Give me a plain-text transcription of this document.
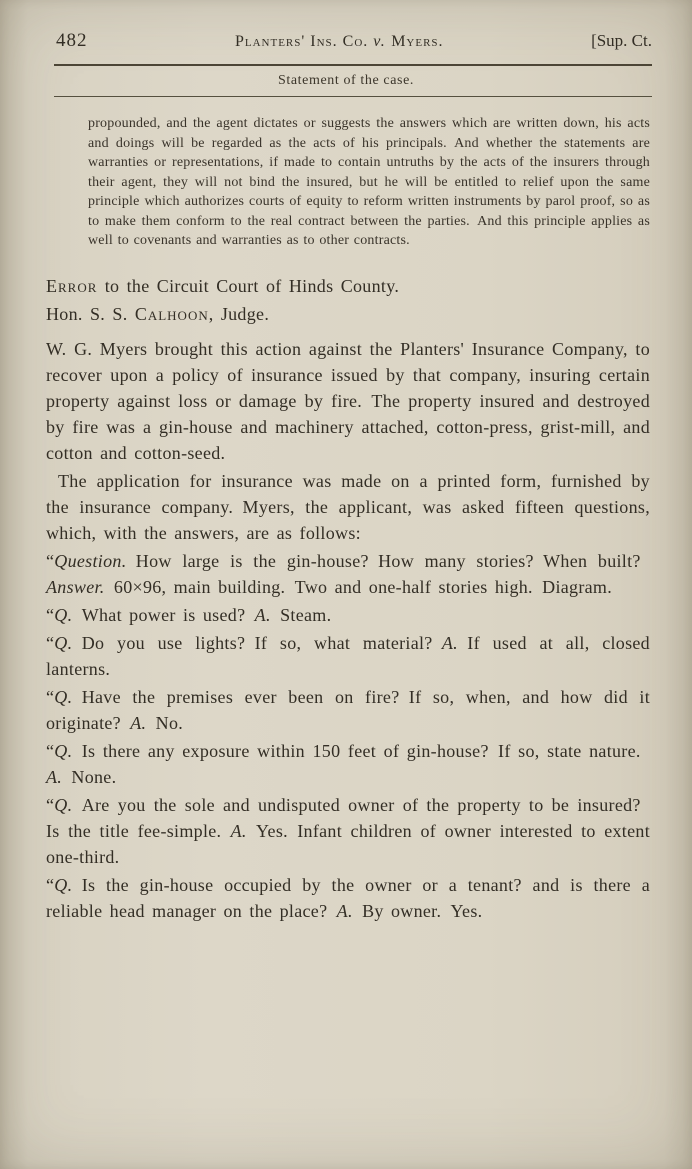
482	Planters' Ins. Co. v. Myers.	[Sup. Ct.
Statement of the case.

propounded, and the agent dictates or suggests the answers which are written down, his acts and doings will be regarded as the acts of his principals. And whether the statements are warranties or representations, if made to contain untruths by the acts of the insurers through their agent, they will not bind the insured, but he will be entitled to relief upon the same principle which authorizes courts of equity to reform written instruments by parol proof, so as to make them conform to the real contract between the parties. And this principle applies as well to covenants and warranties as to other contracts.

Error to the Circuit Court of Hinds County.

Hon. S. S. Calhoon, Judge.

W. G. Myers brought this action against the Planters' Insurance Company, to recover upon a policy of insurance issued by that company, insuring certain property against loss or damage by fire. The property insured and destroyed by fire was a gin-house and machinery attached, cotton-press, grist-mill, and cotton and cotton-seed.

The application for insurance was made on a printed form, furnished by the insurance company. Myers, the applicant, was asked fifteen questions, which, with the answers, are as follows:

“Question. How large is the gin-house? How many stories? When built? Answer. 60×96, main building. Two and one-half stories high. Diagram.

“Q. What power is used? A. Steam.

“Q. Do you use lights? If so, what material? A. If used at all, closed lanterns.

“Q. Have the premises ever been on fire? If so, when, and how did it originate? A. No.

“Q. Is there any exposure within 150 feet of gin-house? If so, state nature. A. None.

“Q. Are you the sole and undisputed owner of the property to be insured? Is the title fee-simple. A. Yes. Infant children of owner interested to extent one-third.

“Q. Is the gin-house occupied by the owner or a tenant? and is there a reliable head manager on the place? A. By owner. Yes.
